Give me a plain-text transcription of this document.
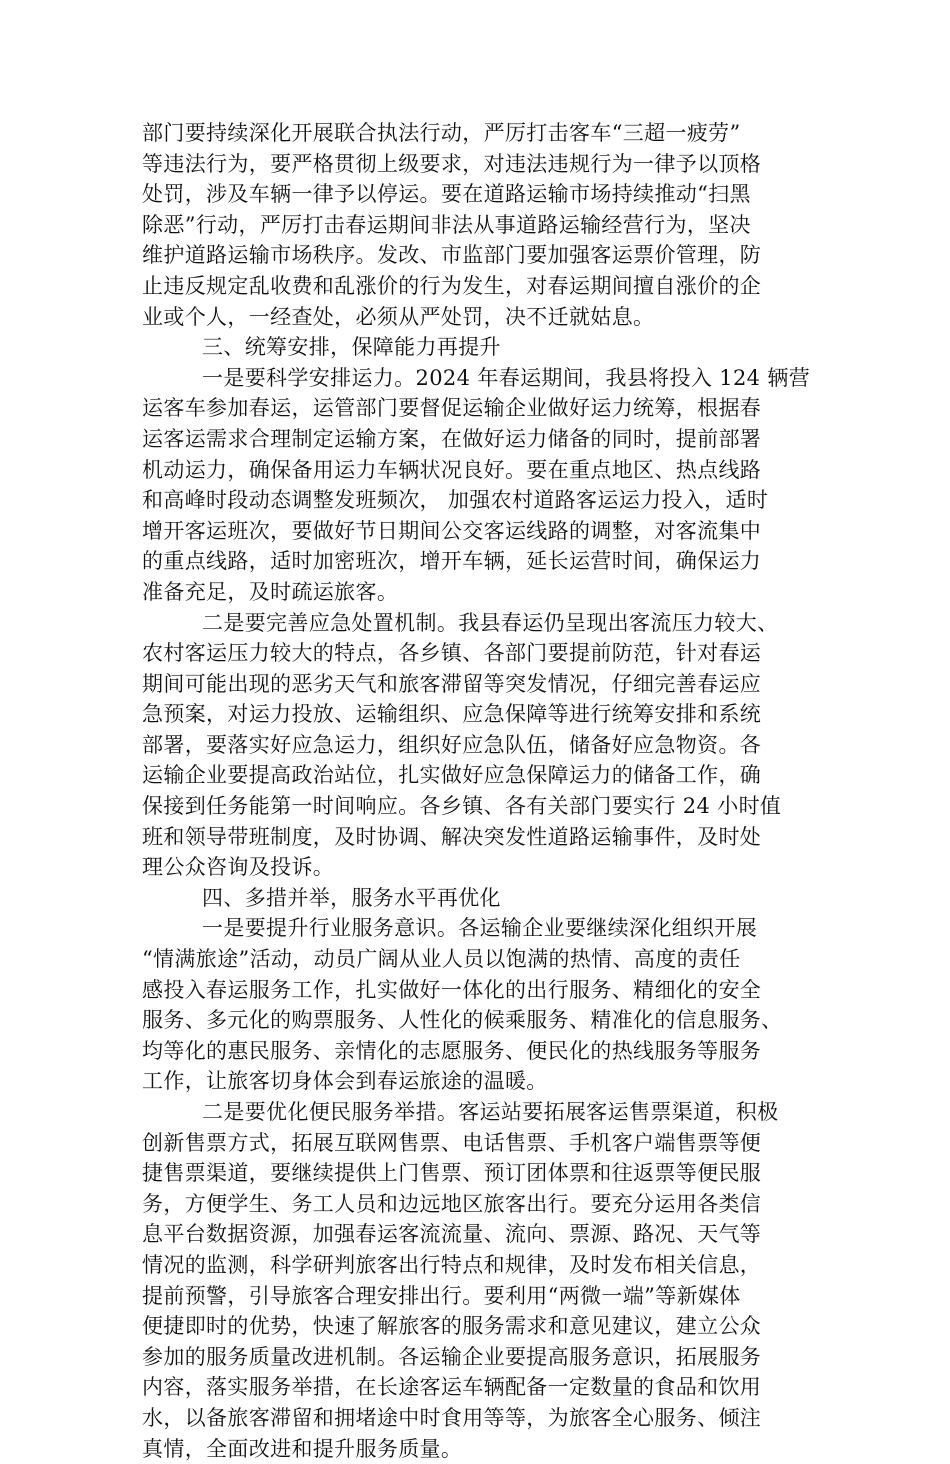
部门要持续深化开展联合执法行动，严厉打击客车“三超一疲劳”
等违法行为，要严格贯彻上级要求，对违法违规行为一律予以顶格
处罚，涉及车辆一律予以停运。要在道路运输市场持续推动“扫黑
除恶”行动，严厉打击春运期间非法从事道路运输经营行为，坚决
维护道路运输市场秩序。发改、市监部门要加强客运票价管理，防
止违反规定乱收费和乱涨价的行为发生，对春运期间擅自涨价的企
业或个人，一经查处，必须从严处罚，决不迁就姑息。
三、统筹安排，保障能力再提升
一是要科学安排运力。2024 年春运期间，我县将投入 124 辆营
运客车参加春运，运管部门要督促运输企业做好运力统筹，根据春
运客运需求合理制定运输方案，在做好运力储备的同时，提前部署
机动运力，确保备用运力车辆状况良好。要在重点地区、热点线路
和高峰时段动态调整发班频次， 加强农村道路客运运力投入，适时
增开客运班次，要做好节日期间公交客运线路的调整，对客流集中
的重点线路，适时加密班次，增开车辆，延长运营时间，确保运力
准备充足，及时疏运旅客。
二是要完善应急处置机制。我县春运仍呈现出客流压力较大、
农村客运压力较大的特点，各乡镇、各部门要提前防范，针对春运
期间可能出现的恶劣天气和旅客滞留等突发情况，仔细完善春运应
急预案，对运力投放、运输组织、应急保障等进行统筹安排和系统
部署，要落实好应急运力，组织好应急队伍，储备好应急物资。各
运输企业要提高政治站位，扎实做好应急保障运力的储备工作，确
保接到任务能第一时间响应。各乡镇、各有关部门要实行 24 小时值
班和领导带班制度，及时协调、解决突发性道路运输事件，及时处
理公众咨询及投诉。
四、多措并举，服务水平再优化
一是要提升行业服务意识。各运输企业要继续深化组织开展
“情满旅途”活动，动员广阔从业人员以饱满的热情、高度的责任
感投入春运服务工作，扎实做好一体化的出行服务、精细化的安全
服务、多元化的购票服务、人性化的候乘服务、精准化的信息服务、
均等化的惠民服务、亲情化的志愿服务、便民化的热线服务等服务
工作，让旅客切身体会到春运旅途的温暖。
二是要优化便民服务举措。客运站要拓展客运售票渠道，积极
创新售票方式，拓展互联网售票、电话售票、手机客户端售票等便
捷售票渠道，要继续提供上门售票、预订团体票和往返票等便民服
务，方便学生、务工人员和边远地区旅客出行。要充分运用各类信
息平台数据资源，加强春运客流流量、流向、票源、路况、天气等
情况的监测，科学研判旅客出行特点和规律，及时发布相关信息，
提前预警，引导旅客合理安排出行。要利用“两微一端”等新媒体
便捷即时的优势，快速了解旅客的服务需求和意见建议，建立公众
参加的服务质量改进机制。各运输企业要提高服务意识，拓展服务
内容，落实服务举措，在长途客运车辆配备一定数量的食品和饮用
水，以备旅客滞留和拥堵途中时食用等等，为旅客全心服务、倾注
真情，全面改进和提升服务质量。
